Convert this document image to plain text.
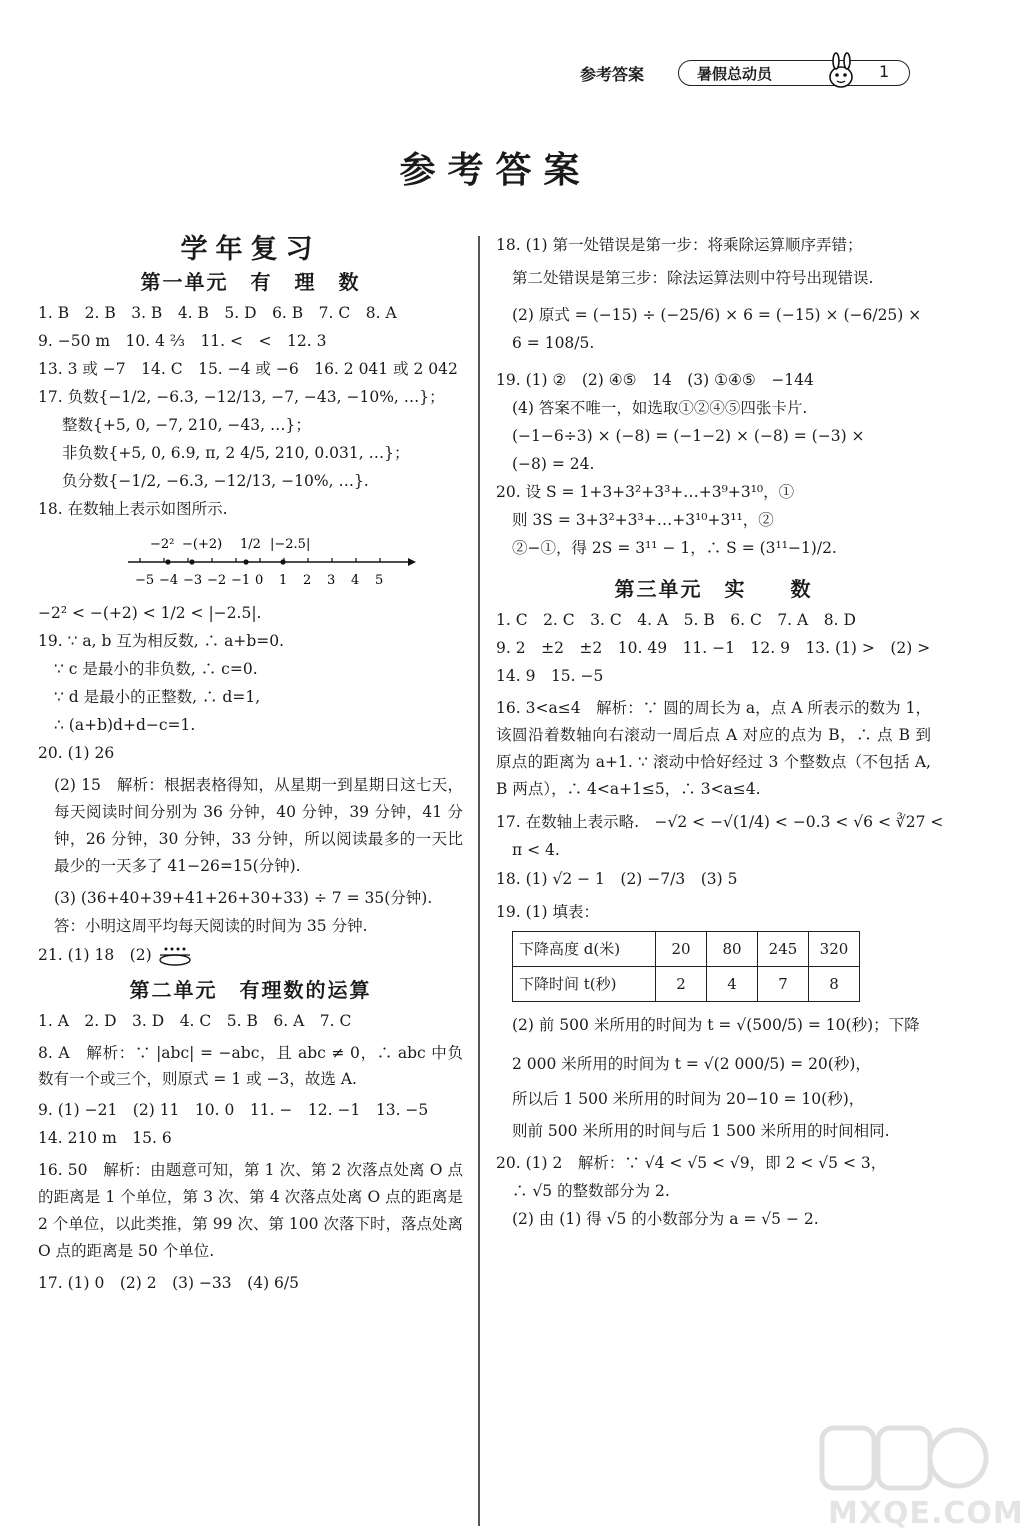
参考答案	暑假总动员	1
参考答案
学年复习
第一单元　有　理　数
1. B　2. B　3. B　4. B　5. D　6. B　7. C　8. A
9. −50 m　10. 4 ⅔　11. <　<　12. 3
13. 3 或 −7　14. C　15. −4 或 −6　16. 2 041 或 2 042
17. 负数{−1/2, −6.3, −12/13, −7, −43, −10%, …}；
整数{+5, 0, −7, 210, −43, …}；
非负数{+5, 0, 6.9, π, 2 4/5, 210, 0.031, …}；
负分数{−1/2, −6.3, −12/13, −10%, …}.
18. 在数轴上表示如图所示.
−5 −4 −3 −2 −1 0 1 2 3 4 5
−2² −(+2) 1/2 |−2.5|
−2² < −(+2) < 1/2 < |−2.5|.
19. ∵ a, b 互为相反数, ∴ a+b=0.
∵ c 是最小的非负数, ∴ c=0.
∵ d 是最小的正整数, ∴ d=1,
∴ (a+b)d+d−c=1.
20. (1) 26
(2) 15　解析：根据表格得知，从星期一到星期日这七天，每天阅读时间分别为 36 分钟，40 分钟，39 分钟，41 分钟，26 分钟，30 分钟，33 分钟，所以阅读最多的一天比最少的一天多了 41−26=15(分钟).
(3) (36+40+39+41+26+30+33) ÷ 7 = 35(分钟).
答：小明这周平均每天阅读的时间为 35 分钟.
21. (1) 18　(2)
第二单元　有理数的运算
1. A　2. D　3. D　4. C　5. B　6. A　7. C
8. A　解析：∵ |abc| = −abc，且 abc ≠ 0，∴ abc 中负数有一个或三个，则原式 = 1 或 −3，故选 A.
9. (1) −21　(2) 11　10. 0　11. −　12. −1　13. −5
14. 210 m　15. 6
16. 50　解析：由题意可知，第 1 次、第 2 次落点处离 O 点的距离是 1 个单位，第 3 次、第 4 次落点处离 O 点的距离是 2 个单位，以此类推，第 99 次、第 100 次落下时，落点处离 O 点的距离是 50 个单位.
17. (1) 0　(2) 2　(3) −33　(4) 6/5
18. (1) 第一处错误是第一步：将乘除运算顺序弄错；
第二处错误是第三步：除法运算法则中符号出现错误.
(2) 原式 = (−15) ÷ (−25/6) × 6 = (−15) × (−6/25) ×
6 = 108/5.
19. (1) ②　(2) ④⑤　14　(3) ①④⑤　−144
(4) 答案不唯一，如选取①②④⑤四张卡片.
(−1−6÷3) × (−8) = (−1−2) × (−8) = (−3) ×
(−8) = 24.
20. 设 S = 1+3+3²+3³+…+3⁹+3¹⁰，①
则 3S = 3+3²+3³+…+3¹⁰+3¹¹，②
②−①，得 2S = 3¹¹ − 1，∴ S = (3¹¹−1)/2.
第三单元　实　　数
1. C　2. C　3. C　4. A　5. B　6. C　7. A　8. D
9. 2　±2　±2　10. 49　11. −1　12. 9　13. (1) >　(2) >
14. 9　15. −5
16. 3<a≤4　解析：∵ 圆的周长为 a，点 A 所表示的数为 1，该圆沿着数轴向右滚动一周后点 A 对应的点为 B，∴ 点 B 到原点的距离为 a+1. ∵ 滚动中恰好经过 3 个整数点（不包括 A, B 两点），∴ 4<a+1≤5，∴ 3<a≤4.
17. 在数轴上表示略.　−√2 < −√(1/4) < −0.3 < √6 < ∛27 <
π < 4.
18. (1) √2 − 1　(2) −7/3　(3) 5
19. (1) 填表：
下降高度 d(米)	20	80	245	320
下降时间 t(秒)	2	4	7	8
(2) 前 500 米所用的时间为 t = √(500/5) = 10(秒)；下降
2 000 米所用的时间为 t = √(2 000/5) = 20(秒)，
所以后 1 500 米所用的时间为 20−10 = 10(秒)，
则前 500 米所用的时间与后 1 500 米所用的时间相同.
20. (1) 2　解析：∵ √4 < √5 < √9，即 2 < √5 < 3，
∴ √5 的整数部分为 2.
(2) 由 (1) 得 √5 的小数部分为 a = √5 − 2.
MXQE.COM
